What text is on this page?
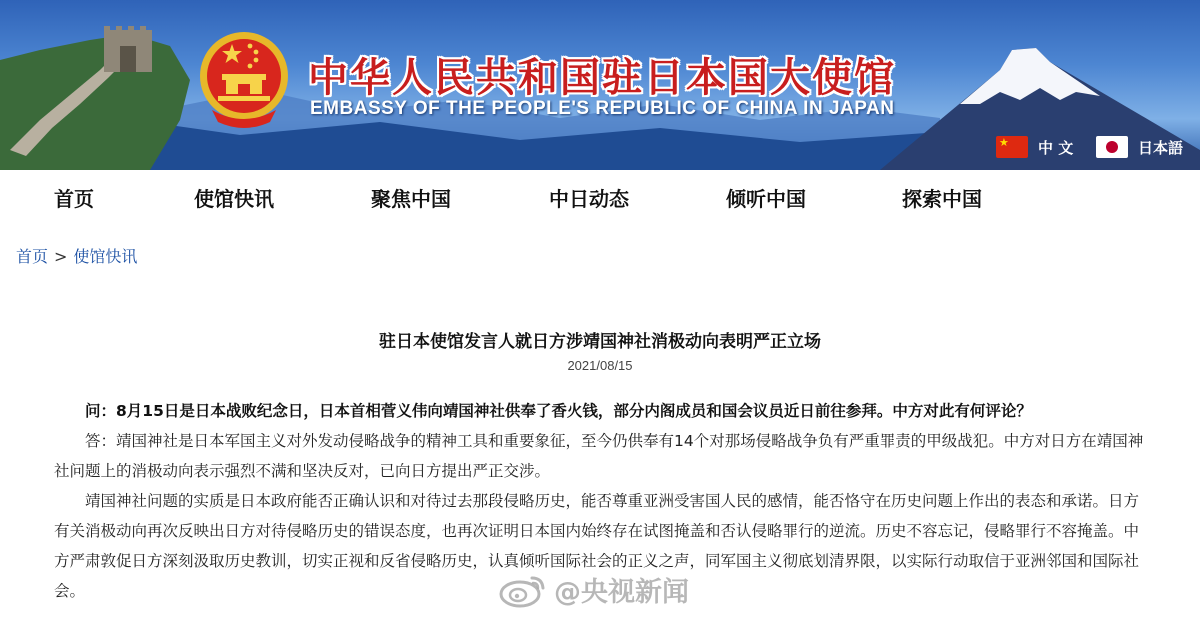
中华人民共和国驻日本国大使馆
EMBASSY OF THE PEOPLE'S REPUBLIC OF CHINA IN JAPAN
★
中 文	日本語
首页	使馆快讯	聚焦中国	中日动态	倾听中国	探索中国
首页 > 使馆快讯
驻日本使馆发言人就日方涉靖国神社消极动向表明严正立场
2021/08/15

问：8月15日是日本战败纪念日，日本首相菅义伟向靖国神社供奉了香火钱，部分内阁成员和国会议员近日前往参拜。中方对此有何评论？

答：靖国神社是日本军国主义对外发动侵略战争的精神工具和重要象征，至今仍供奉有14个对那场侵略战争负有严重罪责的甲级战犯。中方对日方在靖国神社问题上的消极动向表示强烈不满和坚决反对，已向日方提出严正交涉。

靖国神社问题的实质是日本政府能否正确认识和对待过去那段侵略历史，能否尊重亚洲受害国人民的感情，能否恪守在历史问题上作出的表态和承诺。日方有关消极动向再次反映出日方对待侵略历史的错误态度，也再次证明日本国内始终存在试图掩盖和否认侵略罪行的逆流。历史不容忘记，侵略罪行不容掩盖。中方严肃敦促日方深刻汲取历史教训，切实正视和反省侵略历史，认真倾听国际社会的正义之声，同军国主义彻底划清界限，以实际行动取信于亚洲邻国和国际社会。	@央视新闻
